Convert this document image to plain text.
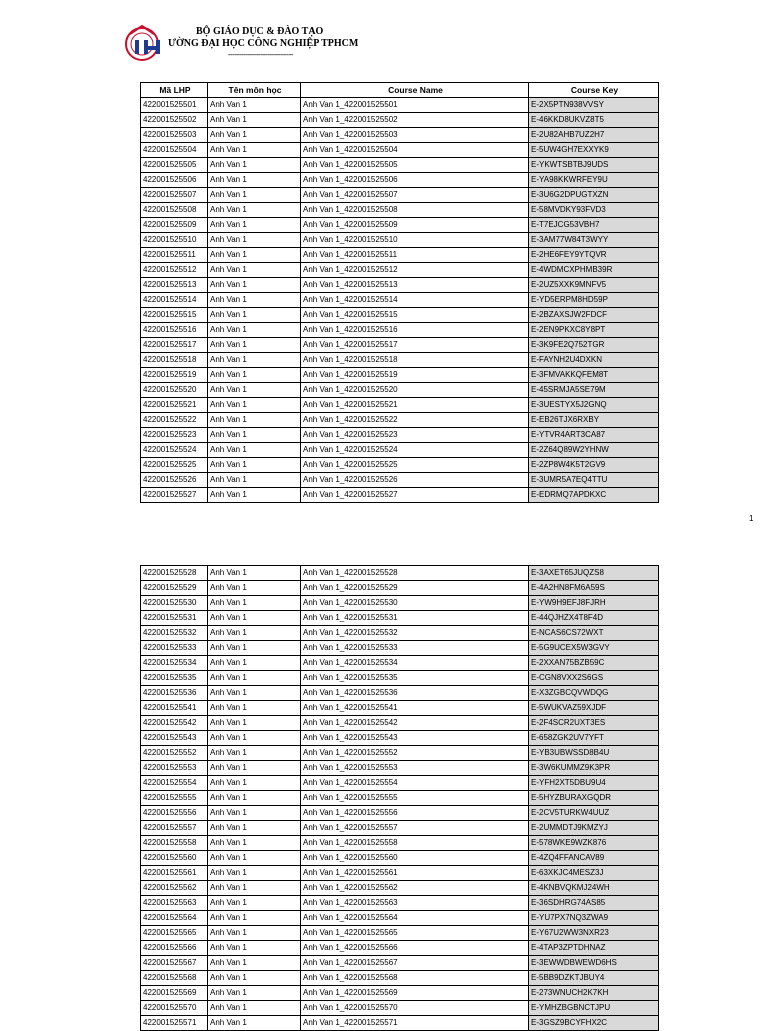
BỘ GIÁO DỤC & ĐÀO TẠO
ƯỜNG ĐẠI HỌC CÔNG NGHIỆP TPHCM
------------------------------
Mã LHP	Tên môn học	Course Name	Course Key
422001525501	Anh Van 1	Anh Van 1_422001525501	E-2X5PTN938VVSY
422001525502	Anh Van 1	Anh Van 1_422001525502	E-46KKD8UKVZ8T5
422001525503	Anh Van 1	Anh Van 1_422001525503	E-2U82AHB7UZ2H7
422001525504	Anh Van 1	Anh Van 1_422001525504	E-5UW4GH7EXXYK9
422001525505	Anh Van 1	Anh Van 1_422001525505	E-YKWTSBTBJ9UDS
422001525506	Anh Van 1	Anh Van 1_422001525506	E-YA98KKWRFEY9U
422001525507	Anh Van 1	Anh Van 1_422001525507	E-3U6G2DPUGTXZN
422001525508	Anh Van 1	Anh Van 1_422001525508	E-58MVDKY93FVD3
422001525509	Anh Van 1	Anh Van 1_422001525509	E-T7EJCG53VBH7
422001525510	Anh Van 1	Anh Van 1_422001525510	E-3AM77W84T3WYY
422001525511	Anh Van 1	Anh Van 1_422001525511	E-2HE6FEY9YTQVR
422001525512	Anh Van 1	Anh Van 1_422001525512	E-4WDMCXPHMB39R
422001525513	Anh Van 1	Anh Van 1_422001525513	E-2UZ5XXK9MNFV5
422001525514	Anh Van 1	Anh Van 1_422001525514	E-YD5ERPM8HD59P
422001525515	Anh Van 1	Anh Van 1_422001525515	E-2BZAXSJW2FDCF
422001525516	Anh Van 1	Anh Van 1_422001525516	E-2EN9PKXC8Y8PT
422001525517	Anh Van 1	Anh Van 1_422001525517	E-3K9FE2Q752TGR
422001525518	Anh Van 1	Anh Van 1_422001525518	E-FAYNH2U4DXKN
422001525519	Anh Van 1	Anh Van 1_422001525519	E-3FMVAKKQFEM8T
422001525520	Anh Van 1	Anh Van 1_422001525520	E-45SRMJA5SE79M
422001525521	Anh Van 1	Anh Van 1_422001525521	E-3UESTYX5J2GNQ
422001525522	Anh Van 1	Anh Van 1_422001525522	E-EB26TJX6RXBY
422001525523	Anh Van 1	Anh Van 1_422001525523	E-YTVR4ART3CA87
422001525524	Anh Van 1	Anh Van 1_422001525524	E-2Z64Q89W2YHNW
422001525525	Anh Van 1	Anh Van 1_422001525525	E-2ZP8W4K5T2GV9
422001525526	Anh Van 1	Anh Van 1_422001525526	E-3UMR5A7EQ4TTU
422001525527	Anh Van 1	Anh Van 1_422001525527	E-EDRMQ7APDKXC
1
422001525528	Anh Van 1	Anh Van 1_422001525528	E-3AXET65JUQZS8
422001525529	Anh Van 1	Anh Van 1_422001525529	E-4A2HN8FM6A59S
422001525530	Anh Van 1	Anh Van 1_422001525530	E-YW9H9EFJ8FJRH
422001525531	Anh Van 1	Anh Van 1_422001525531	E-44QJHZX4T8F4D
422001525532	Anh Van 1	Anh Van 1_422001525532	E-NCAS6CS72WXT
422001525533	Anh Van 1	Anh Van 1_422001525533	E-5G9UCEX5W3GVY
422001525534	Anh Van 1	Anh Van 1_422001525534	E-2XXAN75BZB59C
422001525535	Anh Van 1	Anh Van 1_422001525535	E-CGN8VXX2S6GS
422001525536	Anh Van 1	Anh Van 1_422001525536	E-X3ZGBCQVWDQG
422001525541	Anh Van 1	Anh Van 1_422001525541	E-5WUKVAZ59XJDF
422001525542	Anh Van 1	Anh Van 1_422001525542	E-2F4SCR2UXT3ES
422001525543	Anh Van 1	Anh Van 1_422001525543	E-658ZGK2UV7YFT
422001525552	Anh Van 1	Anh Van 1_422001525552	E-YB3UBWSSD8B4U
422001525553	Anh Van 1	Anh Van 1_422001525553	E-3W6KUMMZ9K3PR
422001525554	Anh Van 1	Anh Van 1_422001525554	E-YFH2XT5DBU9U4
422001525555	Anh Van 1	Anh Van 1_422001525555	E-5HYZBURAXGQDR
422001525556	Anh Van 1	Anh Van 1_422001525556	E-2CV5TURKW4UUZ
422001525557	Anh Van 1	Anh Van 1_422001525557	E-2UMMDTJ9KMZYJ
422001525558	Anh Van 1	Anh Van 1_422001525558	E-578WKE9WZK876
422001525560	Anh Van 1	Anh Van 1_422001525560	E-4ZQ4FFANCAV89
422001525561	Anh Van 1	Anh Van 1_422001525561	E-63XKJC4MESZ3J
422001525562	Anh Van 1	Anh Van 1_422001525562	E-4KNBVQKMJ24WH
422001525563	Anh Van 1	Anh Van 1_422001525563	E-36SDHRG74AS85
422001525564	Anh Van 1	Anh Van 1_422001525564	E-YU7PX7NQ3ZWA9
422001525565	Anh Van 1	Anh Van 1_422001525565	E-Y67U2WW3NXR23
422001525566	Anh Van 1	Anh Van 1_422001525566	E-4TAP3ZPTDHNAZ
422001525567	Anh Van 1	Anh Van 1_422001525567	E-3EWWDBWEWD6HS
422001525568	Anh Van 1	Anh Van 1_422001525568	E-5BB9DZKTJBUY4
422001525569	Anh Van 1	Anh Van 1_422001525569	E-273WNUCH2K7KH
422001525570	Anh Van 1	Anh Van 1_422001525570	E-YMHZBGBNCTJPU
422001525571	Anh Van 1	Anh Van 1_422001525571	E-3GSZ9BCYFHX2C
